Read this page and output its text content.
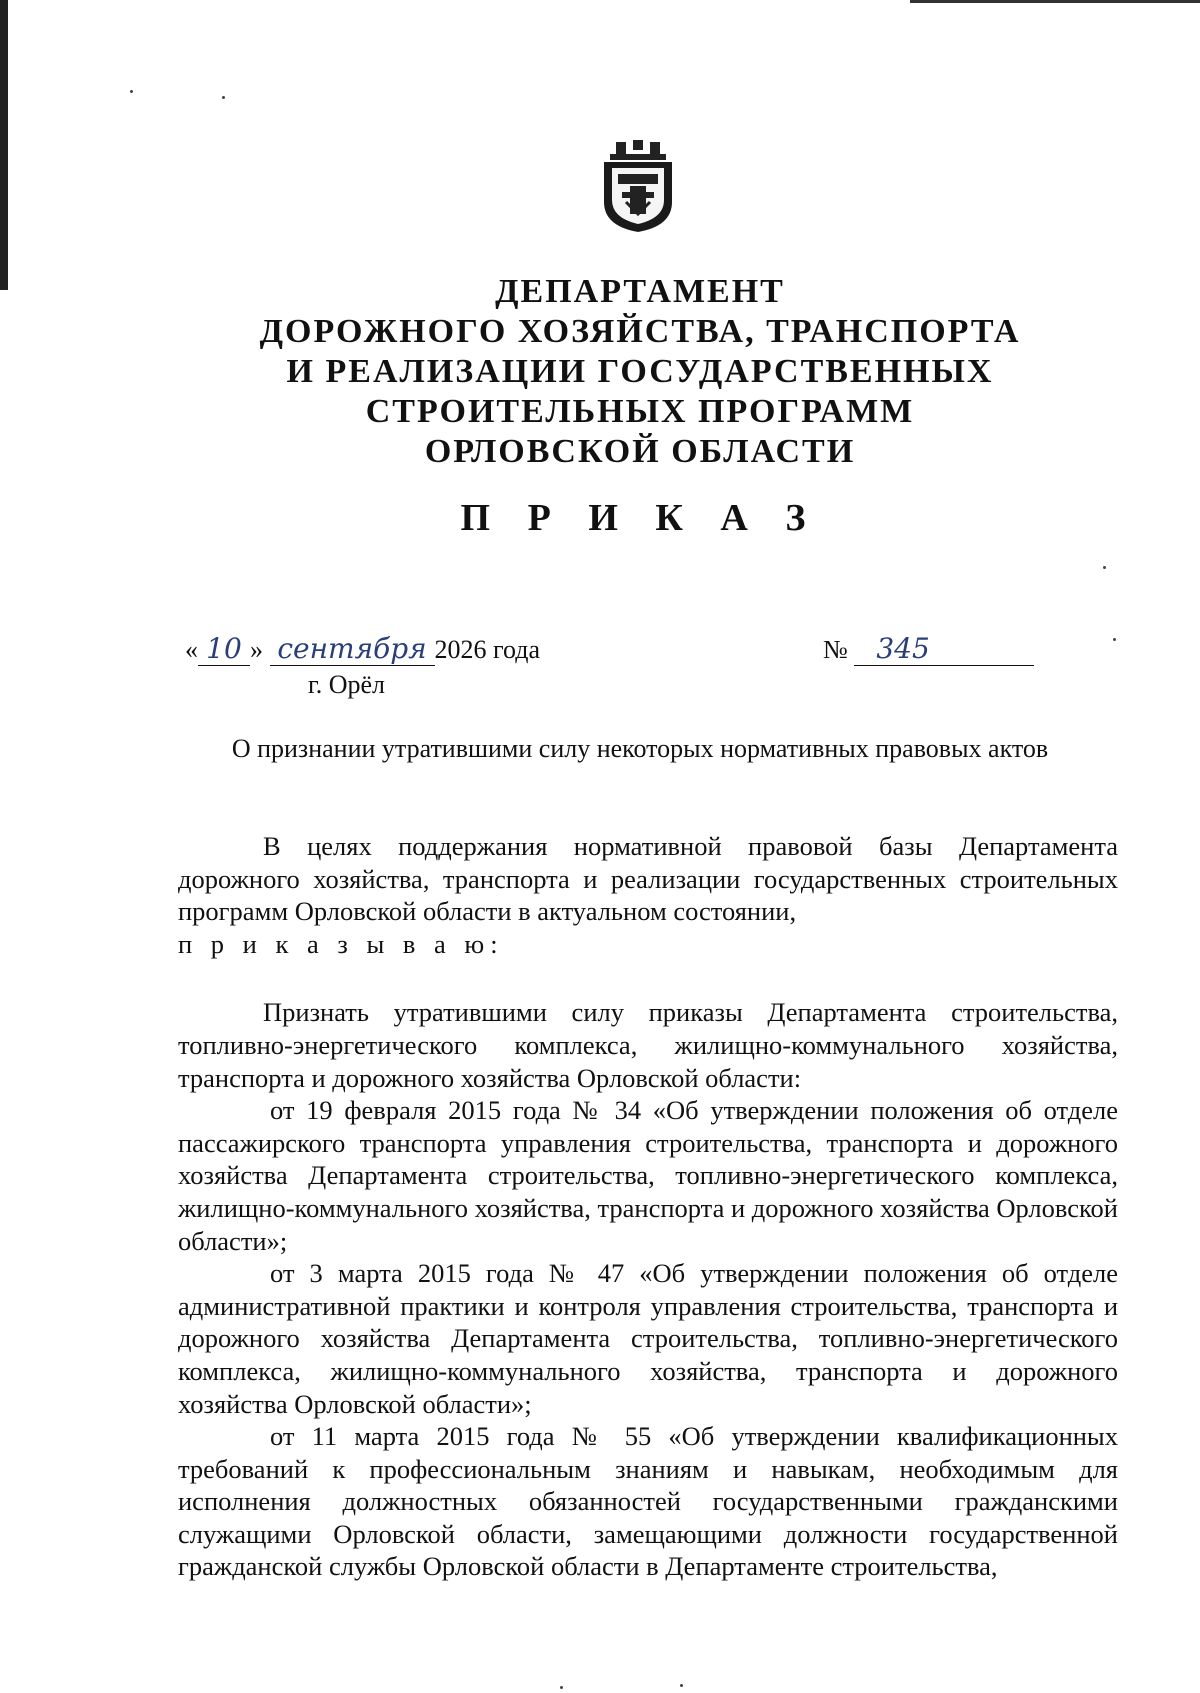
ДЕПАРТАМЕНТ
ДОРОЖНОГО ХОЗЯЙСТВА, ТРАНСПОРТА
И РЕАЛИЗАЦИИ ГОСУДАРСТВЕННЫХ
СТРОИТЕЛЬНЫХ ПРОГРАММ
ОРЛОВСКОЙ ОБЛАСТИ
П Р И К А З
« 10 » сентября 2026 года
г. Орёл
№ 345
О признании утратившими силу некоторых нормативных правовых актов

В целях поддержания нормативной правовой базы Департамента дорожного хозяйства, транспорта и реализации государственных строительных программ Орловской области в актуальном состоянии,

п р и к а з ы в а ю:

Признать утратившими силу приказы Департамента строительства, топливно-энергетического комплекса, жилищно-коммунального хозяйства, транспорта и дорожного хозяйства Орловской области:

от 19 февраля 2015 года № 34 «Об утверждении положения об отделе пассажирского транспорта управления строительства, транспорта и дорожного хозяйства Департамента строительства, топливно-энергетического комплекса, жилищно-коммунального хозяйства, транспорта и дорожного хозяйства Орловской области»;

от 3 марта 2015 года № 47 «Об утверждении положения об отделе административной практики и контроля управления строительства, транспорта и дорожного хозяйства Департамента строительства, топливно-энергетического комплекса, жилищно-коммунального хозяйства, транспорта и дорожного хозяйства Орловской области»;

от 11 марта 2015 года № 55 «Об утверждении квалификационных требований к профессиональным знаниям и навыкам, необходимым для исполнения должностных обязанностей государственными гражданскими служащими Орловской области, замещающими должности государственной гражданской службы Орловской области в Департаменте строительства,
